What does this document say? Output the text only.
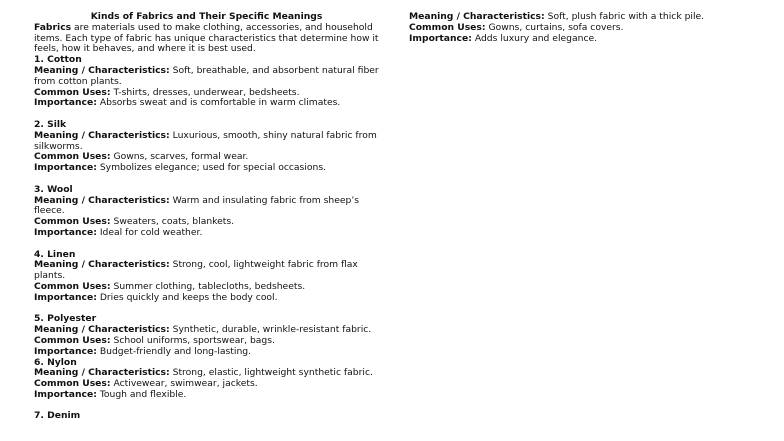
Kinds of Fabrics and Their Specific Meanings

Fabrics are materials used to make clothing, accessories, and household items. Each type of fabric has unique characteristics that determine how it feels, how it behaves, and where it is best used.

1. Cotton

Meaning / Characteristics: Soft, breathable, and absorbent natural fiber from cotton plants.

Common Uses: T-shirts, dresses, underwear, bedsheets.

Importance: Absorbs sweat and is comfortable in warm climates.

2. Silk

Meaning / Characteristics: Luxurious, smooth, shiny natural fabric from silkworms.

Common Uses: Gowns, scarves, formal wear.

Importance: Symbolizes elegance; used for special occasions.

3. Wool

Meaning / Characteristics: Warm and insulating fabric from sheep’s fleece.

Common Uses: Sweaters, coats, blankets.

Importance: Ideal for cold weather.

4. Linen

Meaning / Characteristics: Strong, cool, lightweight fabric from flax plants.

Common Uses: Summer clothing, tablecloths, bedsheets.

Importance: Dries quickly and keeps the body cool.

5. Polyester

Meaning / Characteristics: Synthetic, durable, wrinkle-resistant fabric.

Common Uses: School uniforms, sportswear, bags.

Importance: Budget-friendly and long-lasting.

6. Nylon

Meaning / Characteristics: Strong, elastic, lightweight synthetic fabric.

Common Uses: Activewear, swimwear, jackets.

Importance: Tough and flexible.

7. Denim

Meaning / Characteristics: Soft, plush fabric with a thick pile.

Common Uses: Gowns, curtains, sofa covers.

Importance: Adds luxury and elegance.
